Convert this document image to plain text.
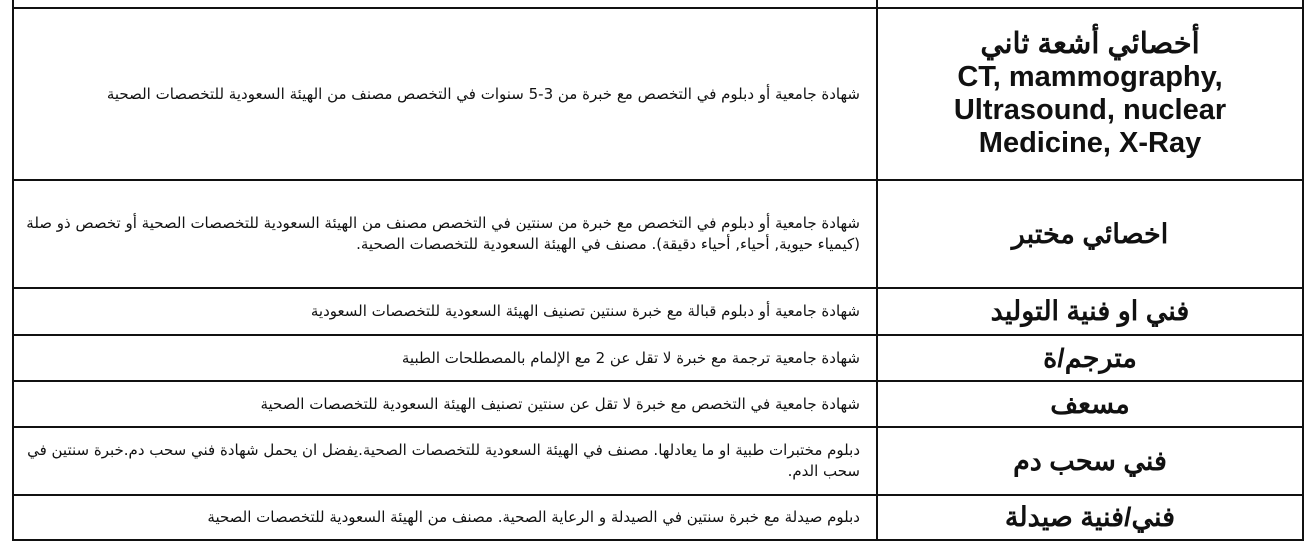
أخصائي أشعة ثاني
CT, mammography,
Ultrasound, nuclear
Medicine, X-Ray	شهادة جامعية أو دبلوم في التخصص مع خبرة من 3-5 سنوات في التخصص مصنف من الهيئة السعودية للتخصصات الصحية
اخصائي مختبر	شهادة جامعية أو دبلوم في التخصص مع خبرة من سنتين في التخصص مصنف من الهيئة السعودية للتخصصات الصحية أو تخصص ذو صلة (كيمياء حيوية, أحياء, أحياء دقيقة). مصنف في الهيئة السعودية للتخصصات الصحية.
فني او فنية التوليد	شهادة جامعية أو دبلوم قبالة مع خبرة سنتين تصنيف الهيئة السعودية للتخصصات السعودية
مترجم/ة	شهادة جامعية ترجمة مع خبرة لا تقل عن 2 مع الإلمام بالمصطلحات الطبية
مسعف	شهادة جامعية في التخصص مع خبرة لا تقل عن سنتين تصنيف الهيئة السعودية للتخصصات الصحية
فني سحب دم	دبلوم مختبرات طبية او ما يعادلها. مصنف في الهيئة السعودية للتخصصات الصحية.يفضل ان يحمل شهادة فني سحب دم.خبرة سنتين في سحب الدم.
فني/فنية صيدلة	دبلوم صيدلة مع خبرة سنتين في الصيدلة و الرعاية الصحية. مصنف من الهيئة السعودية للتخصصات الصحية
